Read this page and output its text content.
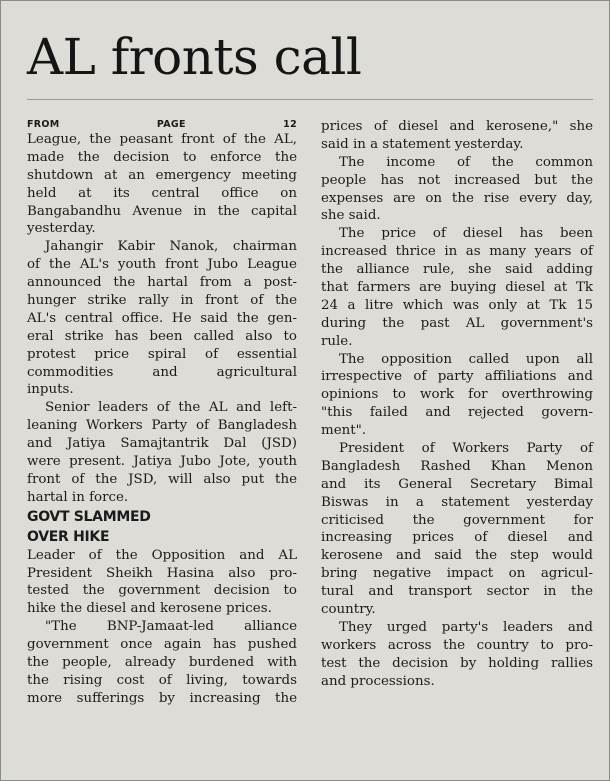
AL fronts call
FROM PAGE 12
League, the peasant front of the AL,
made the decision to enforce the
shutdown at an emergency meeting
held at its central office on
Bangabandhu Avenue in the capital
yesterday.
Jahangir Kabir Nanok, chairman
of the AL's youth front Jubo League
announced the hartal from a post-
hunger strike rally in front of the
AL's central office. He said the gen-
eral strike has been called also to
protest price spiral of essential
commodities and agricultural
inputs.
Senior leaders of the AL and left-
leaning Workers Party of Bangladesh
and Jatiya Samajtantrik Dal (JSD)
were present. Jatiya Jubo Jote, youth
front of the JSD, will also put the
hartal in force.
GOVT SLAMMED
OVER HIKE
Leader of the Opposition and AL
President Sheikh Hasina also pro-
tested the government decision to
hike the diesel and kerosene prices.
"The BNP-Jamaat-led alliance
government once again has pushed
the people, already burdened with
the rising cost of living, towards
more sufferings by increasing the
prices of diesel and kerosene," she
said in a statement yesterday.
The income of the common
people has not increased but the
expenses are on the rise every day,
she said.
The price of diesel has been
increased thrice in as many years of
the alliance rule, she said adding
that farmers are buying diesel at Tk
24 a litre which was only at Tk 15
during the past AL government's
rule.
The opposition called upon all
irrespective of party affiliations and
opinions to work for overthrowing
"this failed and rejected govern-
ment".
President of Workers Party of
Bangladesh Rashed Khan Menon
and its General Secretary Bimal
Biswas in a statement yesterday
criticised the government for
increasing prices of diesel and
kerosene and said the step would
bring negative impact on agricul-
tural and transport sector in the
country.
They urged party's leaders and
workers across the country to pro-
test the decision by holding rallies
and processions.
